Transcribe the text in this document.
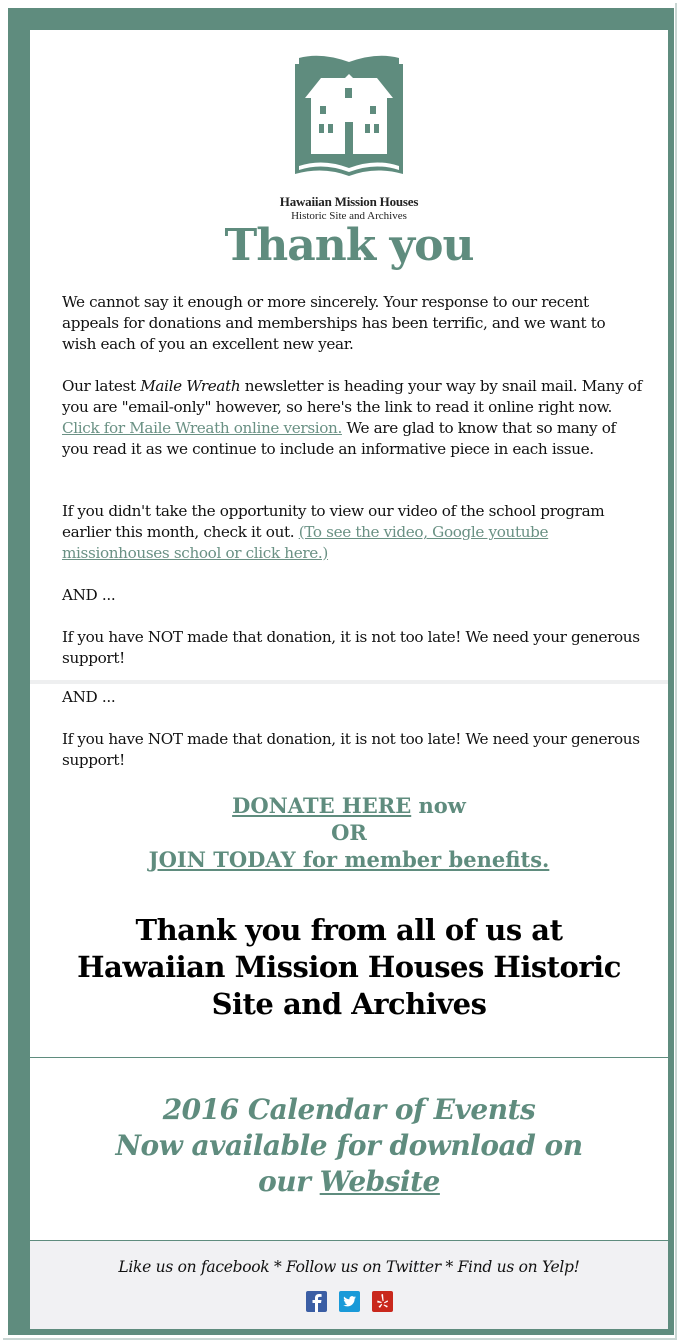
Hawaiian Mission Houses
Historic Site and Archives
Thank you
We cannot say it enough or more sincerely. Your response to our recent appeals for donations and memberships has been terrific, and we want to wish each of you an excellent new year.
Our latest Maile Wreath newsletter is heading your way by snail mail. Many of you are "email-only" however, so here's the link to read it online right now. Click for Maile Wreath online version. We are glad to know that so many of you read it as we continue to include an informative piece in each issue.
If you didn't take the opportunity to view our video of the school program earlier this month, check it out. (To see the video, Google youtube missionhouses school or click here.)
AND ...
If you have NOT made that donation, it is not too late! We need your generous support!
AND ...
If you have NOT made that donation, it is not too late! We need your generous support!
DONATE HERE now
OR
JOIN TODAY for member benefits.
Thank you from all of us at
Hawaiian Mission Houses Historic
Site and Archives
2016 Calendar of Events
Now available for download on
our Website
Like us on facebook * Follow us on Twitter * Find us on Yelp!
